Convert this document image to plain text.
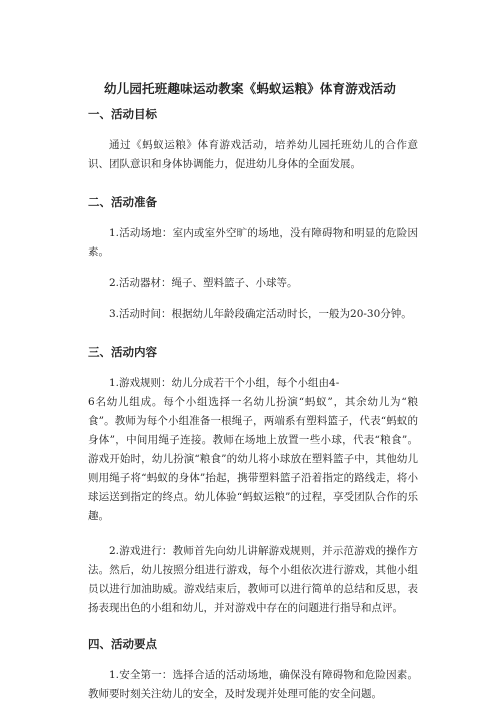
幼儿园托班趣味运动教案《蚂蚁运粮》体育游戏活动
一、活动目标

通过《蚂蚁运粮》体育游戏活动，培养幼儿园托班幼儿的合作意识、团队意识和身体协调能力，促进幼儿身体的全面发展。

二、活动准备

1.活动场地：室内或室外空旷的场地，没有障碍物和明显的危险因素。

2.活动器材：绳子、塑料篮子、小球等。

3.活动时间：根据幼儿年龄段确定活动时长，一般为20-30分钟。

三、活动内容

1.游戏规则：幼儿分成若干个小组，每个小组由4-

6名幼儿组成。每个小组选择一名幼儿扮演“蚂蚁”，其余幼儿为“粮食”。教师为每个小组准备一根绳子，两端系有塑料篮子，代表“蚂蚁的身体”，中间用绳子连接。教师在场地上放置一些小球，代表“粮食”。游戏开始时，幼儿扮演“粮食”的幼儿将小球放在塑料篮子中，其他幼儿则用绳子将“蚂蚁的身体”抬起，携带塑料篮子沿着指定的路线走，将小球运送到指定的终点。幼儿体验“蚂蚁运粮”的过程，享受团队合作的乐趣。

2.游戏进行：教师首先向幼儿讲解游戏规则，并示范游戏的操作方法。然后，幼儿按照分组进行游戏，每个小组依次进行游戏，其他小组员以进行加油助威。游戏结束后，教师可以进行简单的总结和反思，表扬表现出色的小组和幼儿，并对游戏中存在的问题进行指导和点评。

四、活动要点

1.安全第一：选择合适的活动场地，确保没有障碍物和危险因素。教师要时刻关注幼儿的安全，及时发现并处理可能的安全问题。
